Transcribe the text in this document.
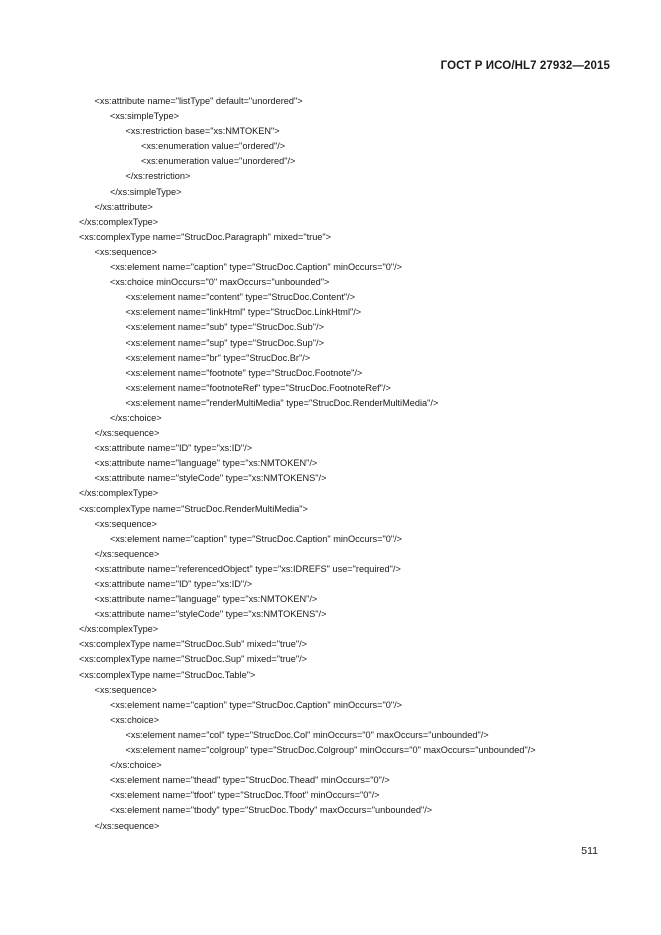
ГОСТ Р ИСО/HL7 27932—2015
<xs:attribute name="listType" default="unordered">
<xs:simpleType>
<xs:restriction base="xs:NMTOKEN">
<xs:enumeration value="ordered"/>
<xs:enumeration value="unordered"/>
</xs:restriction>
</xs:simpleType>
</xs:attribute>
</xs:complexType>
<xs:complexType name="StrucDoc.Paragraph" mixed="true">
<xs:sequence>
<xs:element name="caption" type="StrucDoc.Caption" minOccurs="0"/>
<xs:choice minOccurs="0" maxOccurs="unbounded">
<xs:element name="content" type="StrucDoc.Content"/>
<xs:element name="linkHtml" type="StrucDoc.LinkHtml"/>
<xs:element name="sub" type="StrucDoc.Sub"/>
<xs:element name="sup" type="StrucDoc.Sup"/>
<xs:element name="br" type="StrucDoc.Br"/>
<xs:element name="footnote" type="StrucDoc.Footnote"/>
<xs:element name="footnoteRef" type="StrucDoc.FootnoteRef"/>
<xs:element name="renderMultiMedia" type="StrucDoc.RenderMultiMedia"/>
</xs:choice>
</xs:sequence>
<xs:attribute name="ID" type="xs:ID"/>
<xs:attribute name="language" type="xs:NMTOKEN"/>
<xs:attribute name="styleCode" type="xs:NMTOKENS"/>
</xs:complexType>
<xs:complexType name="StrucDoc.RenderMultiMedia">
<xs:sequence>
<xs:element name="caption" type="StrucDoc.Caption" minOccurs="0"/>
</xs:sequence>
<xs:attribute name="referencedObject" type="xs:IDREFS" use="required"/>
<xs:attribute name="ID" type="xs:ID"/>
<xs:attribute name="language" type="xs:NMTOKEN"/>
<xs:attribute name="styleCode" type="xs:NMTOKENS"/>
</xs:complexType>
<xs:complexType name="StrucDoc.Sub" mixed="true"/>
<xs:complexType name="StrucDoc.Sup" mixed="true"/>
<xs:complexType name="StrucDoc.Table">
<xs:sequence>
<xs:element name="caption" type="StrucDoc.Caption" minOccurs="0"/>
<xs:choice>
<xs:element name="col" type="StrucDoc.Col" minOccurs="0" maxOccurs="unbounded"/>
<xs:element name="colgroup" type="StrucDoc.Colgroup" minOccurs="0" maxOccurs="unbounded"/>
</xs:choice>
<xs:element name="thead" type="StrucDoc.Thead" minOccurs="0"/>
<xs:element name="tfoot" type="StrucDoc.Tfoot" minOccurs="0"/>
<xs:element name="tbody" type="StrucDoc.Tbody" maxOccurs="unbounded"/>
</xs:sequence>
511
